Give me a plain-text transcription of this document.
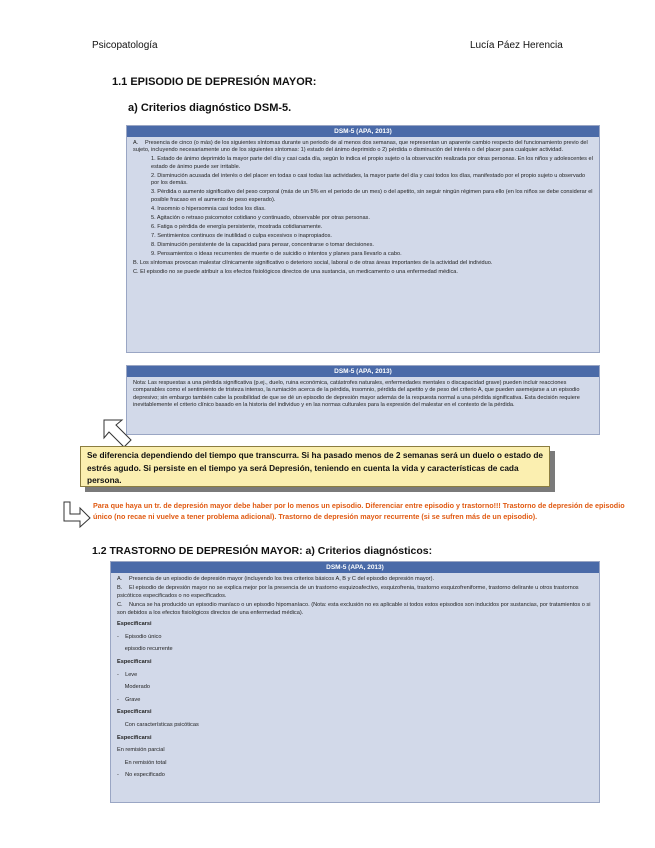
Psicopatología	Lucía Páez Herencia
1.1 EPISODIO DE DEPRESIÓN MAYOR:
a) Criterios diagnóstico DSM-5.
DSM-5 (APA, 2013)
A. Presencia de cinco (o más) de los siguientes síntomas durante un periodo de al menos dos semanas, que representan un aparente cambio respecto del funcionamiento previo del sujeto, incluyendo necesariamente uno de los siguientes síntomas: 1) estado del ánimo deprimido o 2) pérdida o disminución del interés o del placer para cualquier actividad.
1. Estado de ánimo deprimido la mayor parte del día y casi cada día, según lo indica el propio sujeto o la observación realizada por otras personas. En los niños y adolescentes el estado de ánimo puede ser irritable.
2. Disminución acusada del interés o del placer en todas o casi todas las actividades, la mayor parte del día y casi todos los días, manifestado por el propio sujeto u observado por los demás.
3. Pérdida o aumento significativo del peso corporal (más de un 5% en el periodo de un mes) o del apetito, sin seguir ningún régimen para ello (en los niños se debe considerar el posible fracaso en el aumento de peso esperado).
4. Insomnio o hipersomnia casi todos los días.
5. Agitación o retraso psicomotor cotidiano y continuado, observable por otras personas.
6. Fatiga o pérdida de energía persistente, mostrada cotidianamente.
7. Sentimientos continuos de inutilidad o culpa excesivos o inapropiados.
8. Disminución persistente de la capacidad para pensar, concentrarse o tomar decisiones.
9. Pensamientos o ideas recurrentes de muerte o de suicidio o intentos y planes para llevarlo a cabo.
B. Los síntomas provocan malestar clínicamente significativo o deterioro social, laboral o de otras áreas importantes de la actividad del individuo.
C. El episodio no se puede atribuir a los efectos fisiológicos directos de una sustancia, un medicamento o una enfermedad médica.
DSM-5 (APA, 2013)
Nota: Las respuestas a una pérdida significativa (p.ej., duelo, ruina económica, catástrofes naturales, enfermedades mentales o discapacidad grave) pueden incluir reacciones comparables como el sentimiento de tristeza intenso, la rumiación acerca de la pérdida, insomnio, pérdida del apetito y de peso del criterio A, que pueden asemejarse a un episodio depresivo; sin embargo también cabe la posibilidad de que se dé un episodio de depresión mayor además de la respuesta normal a una pérdida significativa. Esta decisión requiere inevitablemente el criterio clínico basado en la historia del individuo y en las normas culturales para la expresión del malestar en el contexto de la pérdida.
Se diferencia dependiendo del tiempo que transcurra. Si ha pasado menos de 2 semanas será un duelo o estado de estrés agudo. Si persiste en el tiempo ya será Depresión, teniendo en cuenta la vida y características de cada persona.
Para que haya un tr. de depresión mayor debe haber por lo menos un episodio. Diferenciar entre episodio y trastorno!!! Trastorno de depresión de episodio único (no recae ni vuelve a tener problema adicional). Trastorno de depresión mayor recurrente (si se sufren más de un episodio).
1.2 TRASTORNO DE DEPRESIÓN MAYOR: a) Criterios diagnósticos:
DSM-5 (APA, 2013)
A. Presencia de un episodio de depresión mayor (incluyendo los tres criterios básicos A, B y C del episodio depresión mayor).
B. El episodio de depresión mayor no se explica mejor por la presencia de un trastorno esquizoafectivo, esquizofrenia, trastorno esquizofreniforme, trastorno delirante u otros trastornos psicóticos especificados o no especificados.
C. Nunca se ha producido un episodio maníaco o un episodio hipomaníaco. (Nota: esta exclusión no es aplicable si todos estos episodios son inducidos por sustancias, por tratamientos o si son debidos a los efectos fisiológicos directos de una enfermedad médica).
Especificarsi
-    Episodio único
episodio recurrente
Especificarsi
-    Leve
Moderado
-    Grave
Especificarsi
Con características psicóticas
Especificarsi
En remisión parcial
En remisión total
-    No especificado
